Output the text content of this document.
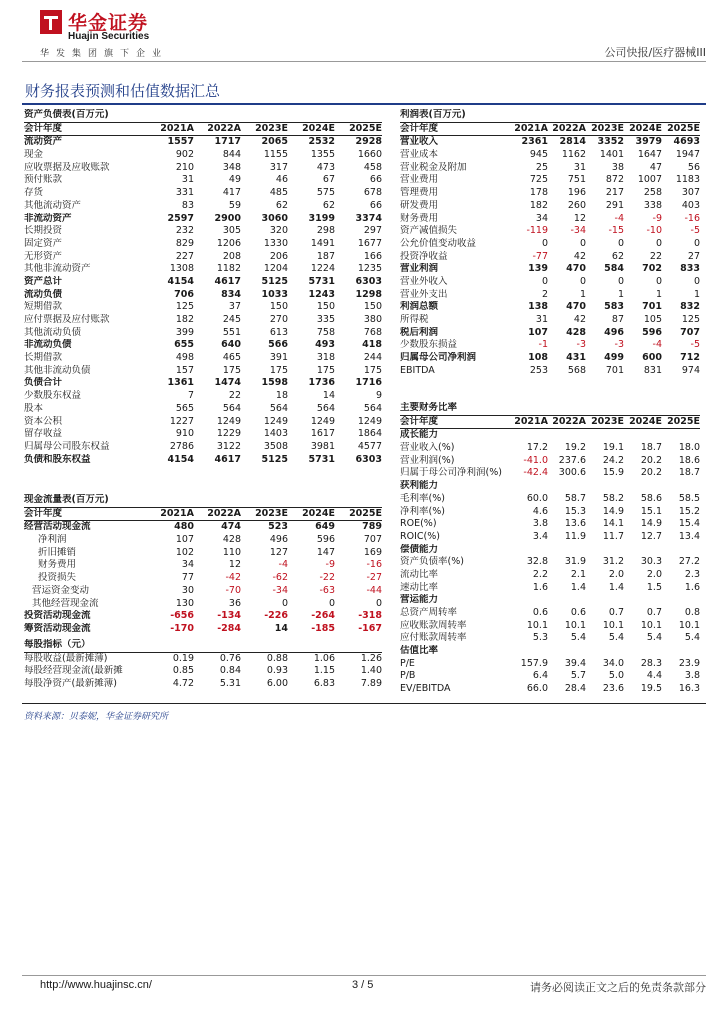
华金证券
Huajin Securities
华发集团旗下企业	公司快报/医疗器械III
财务报表预测和估值数据汇总
资产负债表(百万元)
会计年度	2021A	2022A	2023E	2024E	2025E
流动资产	1557	1717	2065	2532	2928
现金	902	844	1155	1355	1660
应收票据及应收账款	210	348	317	473	458
预付账款	31	49	46	67	66
存货	331	417	485	575	678
其他流动资产	83	59	62	62	66
非流动资产	2597	2900	3060	3199	3374
长期投资	232	305	320	298	297
固定资产	829	1206	1330	1491	1677
无形资产	227	208	206	187	166
其他非流动资产	1308	1182	1204	1224	1235
资产总计	4154	4617	5125	5731	6303
流动负债	706	834	1033	1243	1298
短期借款	125	37	150	150	150
应付票据及应付账款	182	245	270	335	380
其他流动负债	399	551	613	758	768
非流动负债	655	640	566	493	418
长期借款	498	465	391	318	244
其他非流动负债	157	175	175	175	175
负债合计	1361	1474	1598	1736	1716
少数股东权益	7	22	18	14	9
股本	565	564	564	564	564
资本公积	1227	1249	1249	1249	1249
留存收益	910	1229	1403	1617	1864
归属母公司股东权益	2786	3122	3508	3981	4577
负债和股东权益	4154	4617	5125	5731	6303
现金流量表(百万元)
会计年度	2021A	2022A	2023E	2024E	2025E
经营活动现金流	480	474	523	649	789
净利润	107	428	496	596	707
折旧摊销	102	110	127	147	169
财务费用	34	12	-4	-9	-16
投资损失	77	-42	-62	-22	-27
营运资金变动	30	-70	-34	-63	-44
其他经营现金流	130	36	0	0	0
投资活动现金流	-656	-134	-226	-264	-318
筹资活动现金流	-170	-284	14	-185	-167
每股指标（元）
每股收益(最新摊薄)	0.19	0.76	0.88	1.06	1.26
每股经营现金流(最新摊	0.85	0.84	0.93	1.15	1.40
每股净资产(最新摊薄)	4.72	5.31	6.00	6.83	7.89
利润表(百万元)
会计年度	2021A 2022A 2023E 2024E 2025E
营业收入	2361	2814	3352	3979	4693
营业成本	945	1162	1401	1647	1947
营业税金及附加	25	31	38	47	56
营业费用	725	751	872	1007	1183
管理费用	178	196	217	258	307
研发费用	182	260	291	338	403
财务费用	34	12	-4	-9	-16
资产减值损失	-119	-34	-15	-10	-5
公允价值变动收益	0	0	0	0	0
投资净收益	-77	42	62	22	27
营业利润	139	470	584	702	833
营业外收入	0	0	0	0	0
营业外支出	2	1	1	1	1
利润总额	138	470	583	701	832
所得税	31	42	87	105	125
税后利润	107	428	496	596	707
少数股东损益	-1	-3	-3	-4	-5
归属母公司净利润	108	431	499	600	712
EBITDA	253	568	701	831	974
主要财务比率
会计年度	2021A 2022A 2023E 2024E 2025E
成长能力
营业收入(%)	17.2	19.2	19.1	18.7	18.0
营业利润(%)	-41.0	237.6	24.2	20.2	18.6
归属于母公司净利润(%)	-42.4	300.6	15.9	20.2	18.7
获利能力
毛利率(%)	60.0	58.7	58.2	58.6	58.5
净利率(%)	4.6	15.3	14.9	15.1	15.2
ROE(%)	3.8	13.6	14.1	14.9	15.4
ROIC(%)	3.4	11.9	11.7	12.7	13.4
偿债能力
资产负债率(%)	32.8	31.9	31.2	30.3	27.2
流动比率	2.2	2.1	2.0	2.0	2.3
速动比率	1.6	1.4	1.4	1.5	1.6
营运能力
总资产周转率	0.6	0.6	0.7	0.7	0.8
应收账款周转率	10.1	10.1	10.1	10.1	10.1
应付账款周转率	5.3	5.4	5.4	5.4	5.4
估值比率
P/E	157.9	39.4	34.0	28.3	23.9
P/B	6.4	5.7	5.0	4.4	3.8
EV/EBITDA	66.0	28.4	23.6	19.5	16.3
资料来源：贝泰妮，华金证券研究所
http://www.huajinsc.cn/	3 / 5	请务必阅读正文之后的免责条款部分
